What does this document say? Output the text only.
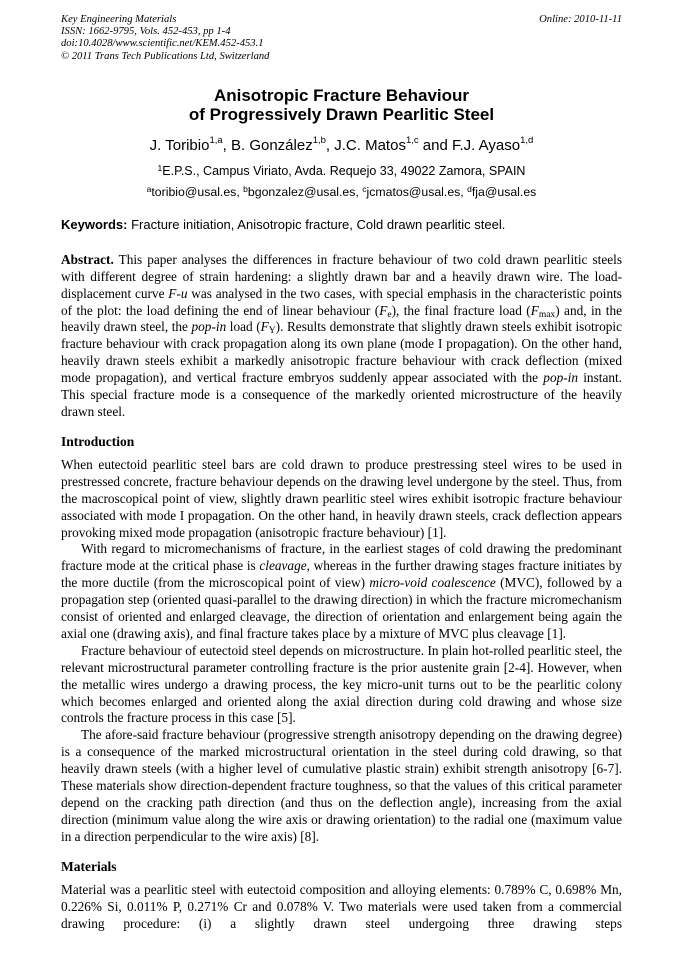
Key Engineering Materials
ISSN: 1662-9795, Vols. 452-453, pp 1-4
doi:10.4028/www.scientific.net/KEM.452-453.1
© 2011 Trans Tech Publications Ltd, Switzerland
Online: 2010-11-11
Anisotropic Fracture Behaviour
of Progressively Drawn Pearlitic Steel
J. Toribio$^{1,a}$, B. González$^{1,b}$, J.C. Matos$^{1,c}$ and F.J. Ayaso$^{1,d}$
$^1$E.P.S., Campus Viriato, Avda. Requejo 33, 49022 Zamora, SPAIN
$^a$toribio@usal.es, $^b$bgonzalez@usal.es, $^c$jcmatos@usal.es, $^d$fja@usal.es
Keywords: Fracture initiation, Anisotropic fracture, Cold drawn pearlitic steel.
Abstract. This paper analyses the differences in fracture behaviour of two cold drawn pearlitic steels with different degree of strain hardening: a slightly drawn bar and a heavily drawn wire. The load-displacement curve F-u was analysed in the two cases, with special emphasis in the characteristic points of the plot: the load defining the end of linear behaviour $(F_e)$, the final fracture load $(F_{max})$ and, in the heavily drawn steel, the pop-in load $(F_Y)$. Results demonstrate that slightly drawn steels exhibit isotropic fracture behaviour with crack propagation along its own plane (mode I propagation). On the other hand, heavily drawn steels exhibit a markedly anisotropic fracture behaviour with crack deflection (mixed mode propagation), and vertical fracture embryos suddenly appear associated with the pop-in instant. This special fracture mode is a consequence of the markedly oriented microstructure of the heavily drawn steel.
Introduction

When eutectoid pearlitic steel bars are cold drawn to produce prestressing steel wires to be used in prestressed concrete, fracture behaviour depends on the drawing level undergone by the steel. Thus, from the macroscopical point of view, slightly drawn pearlitic steel wires exhibit isotropic fracture behaviour associated with mode I propagation. On the other hand, in heavily drawn steels, crack deflection appears provoking mixed mode propagation (anisotropic fracture behaviour) [1].

With regard to micromechanisms of fracture, in the earliest stages of cold drawing the predominant fracture mode at the critical phase is cleavage, whereas in the further drawing stages fracture initiates by the more ductile (from the microscopical point of view) micro-void coalescence (MVC), followed by a propagation step (oriented quasi-parallel to the drawing direction) in which the fracture micromechanism consist of oriented and enlarged cleavage, the direction of orientation and enlargement being again the axial one (drawing axis), and final fracture takes place by a mixture of MVC plus cleavage [1].

Fracture behaviour of eutectoid steel depends on microstructure. In plain hot-rolled pearlitic steel, the relevant microstructural parameter controlling fracture is the prior austenite grain [2-4]. However, when the metallic wires undergo a drawing process, the key micro-unit turns out to be the pearlitic colony which becomes enlarged and oriented along the axial direction during cold drawing and whose size controls the fracture process in this case [5].

The afore-said fracture behaviour (progressive strength anisotropy depending on the drawing degree) is a consequence of the marked microstructural orientation in the steel during cold drawing, so that heavily drawn steels (with a higher level of cumulative plastic strain) exhibit strength anisotropy [6-7]. These materials show direction-dependent fracture toughness, so that the values of this critical parameter depend on the cracking path direction (and thus on the deflection angle), increasing from the axial direction (minimum value along the wire axis or drawing orientation) to the radial one (maximum value in a direction perpendicular to the wire axis) [8].

Materials

Material was a pearlitic steel with eutectoid composition and alloying elements: 0.789% C, 0.698% Mn, 0.226% Si, 0.011% P, 0.271% Cr and 0.078% V. Two materials were used taken from a commercial drawing procedure: (i) a slightly drawn steel undergoing three drawing steps
